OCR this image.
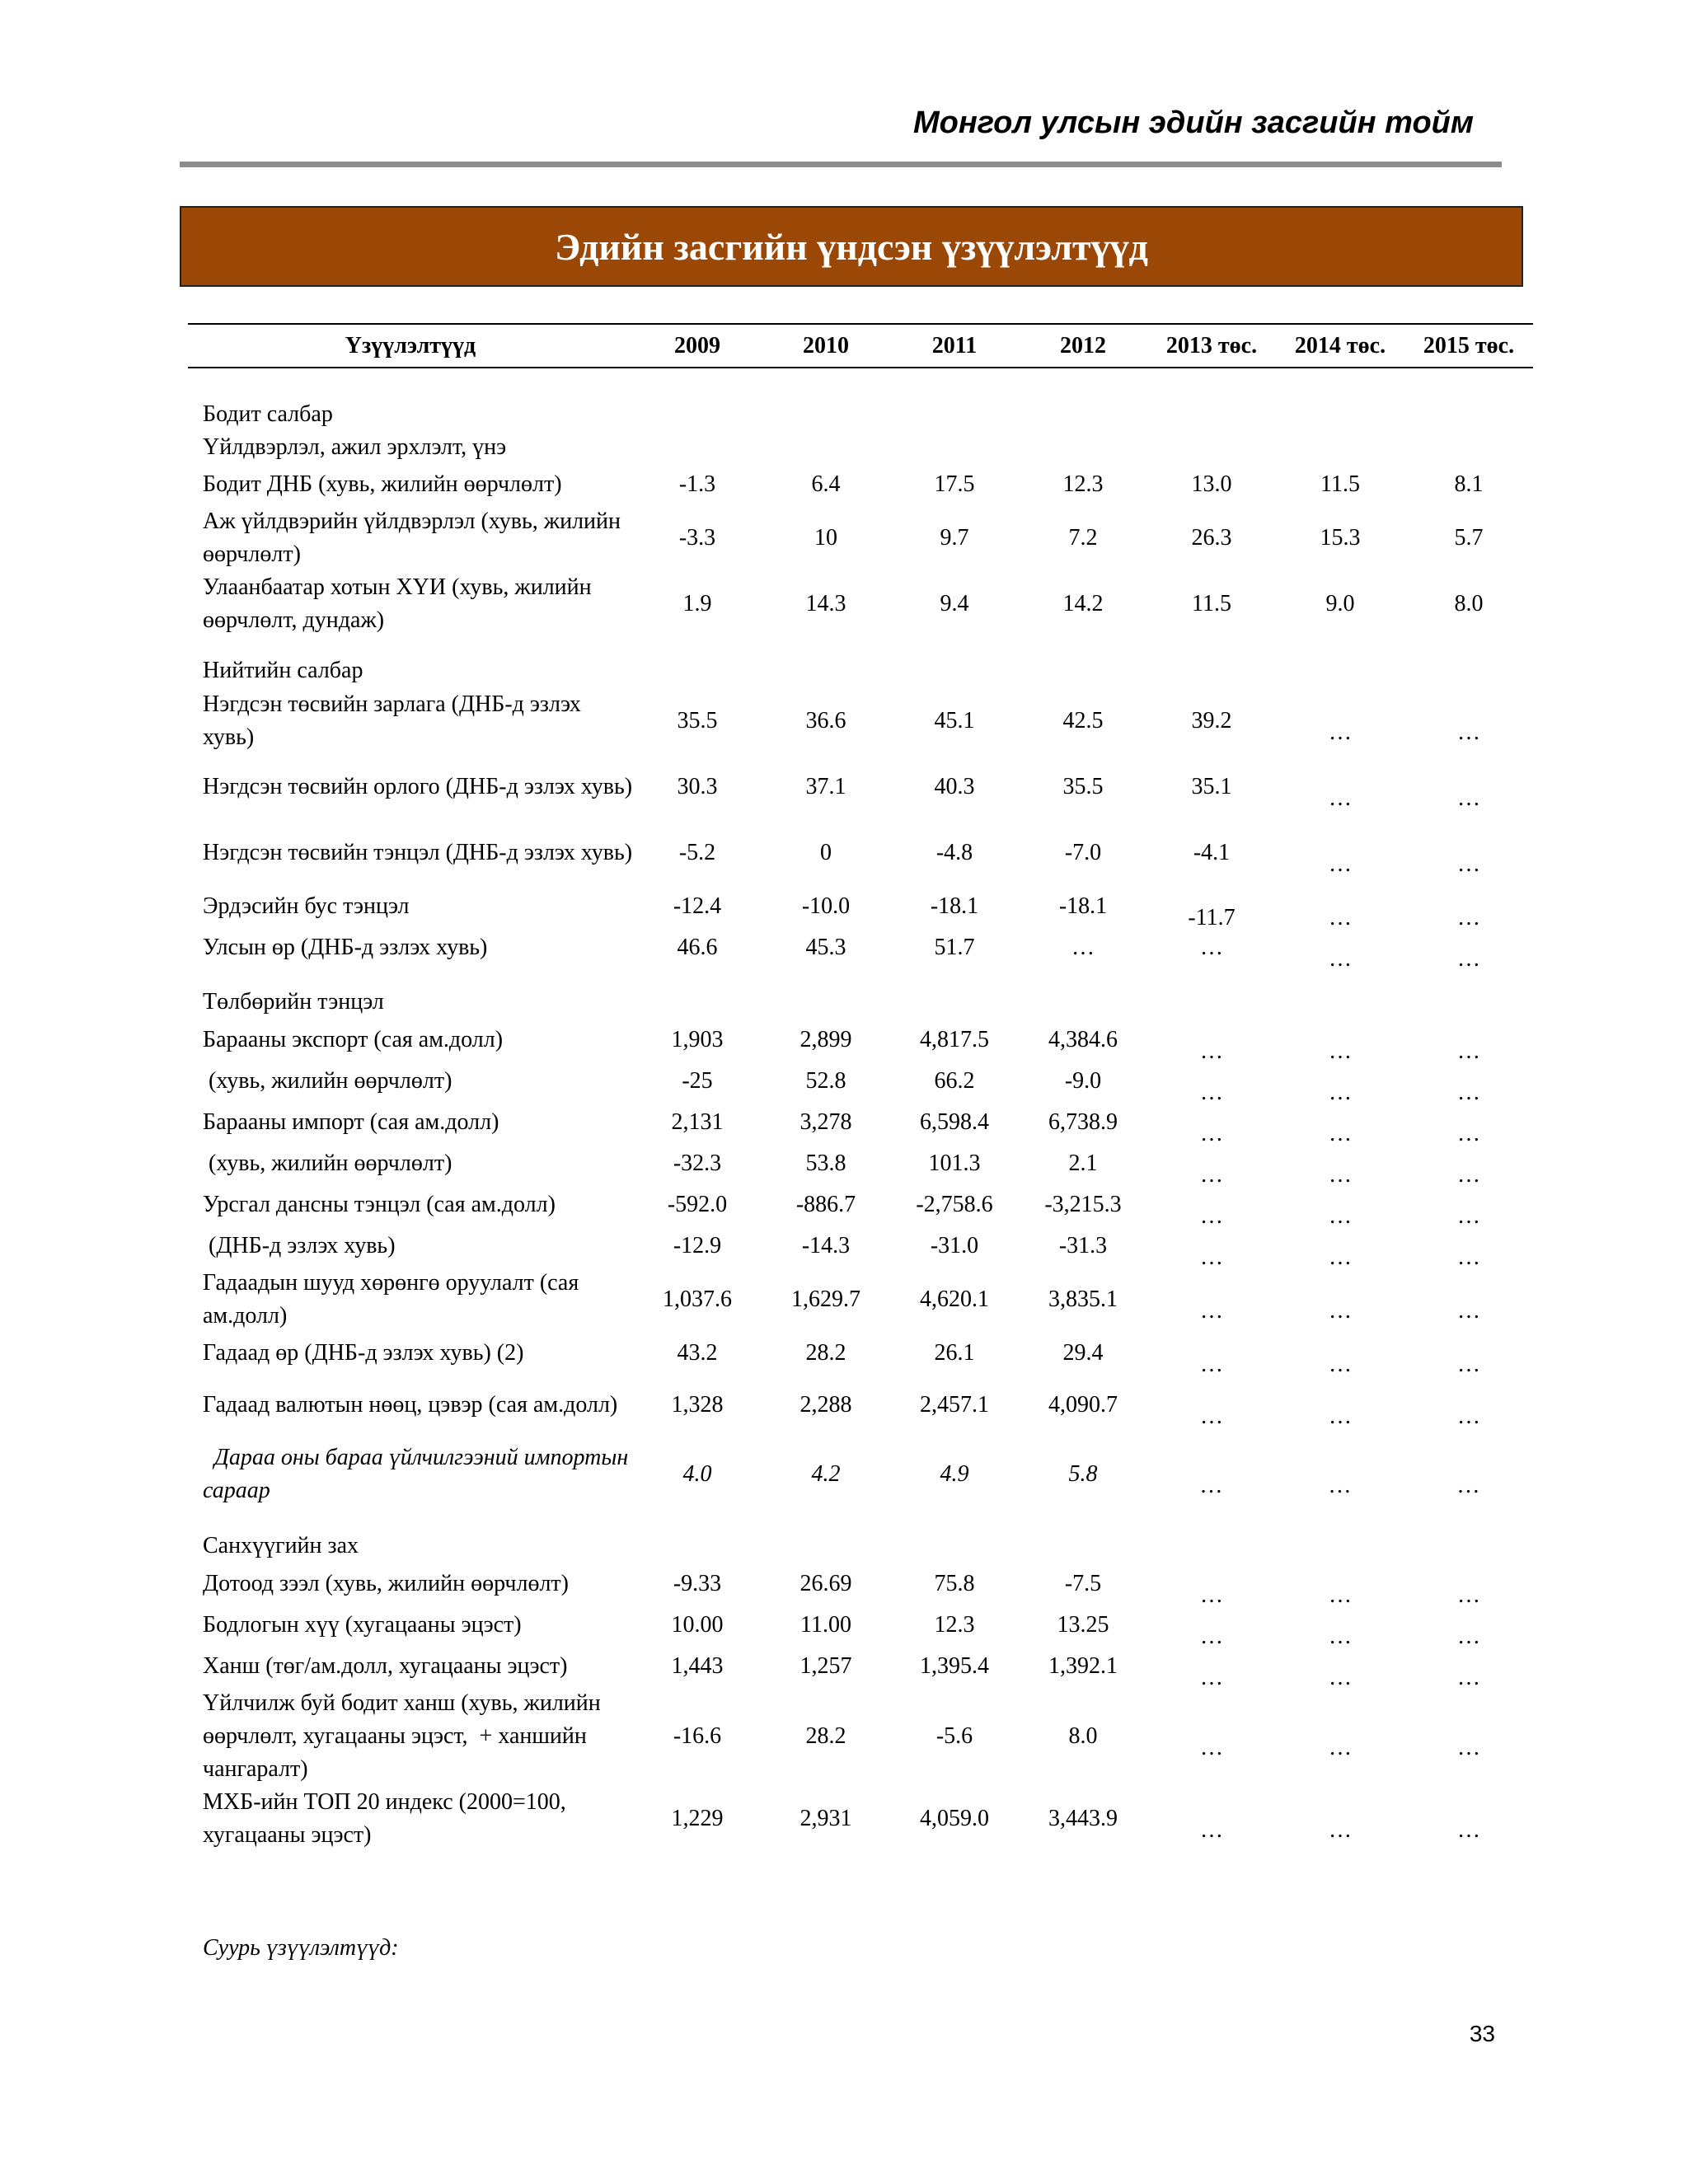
Монгол улсын эдийн засгийн тойм

Эдийн засгийн үндсэн үзүүлэлтүүд
Үзүүлэлтүүд	2009	2010	2011	2012	2013 төс.	2014 төс.	2015 төс.
Бодит салбар							
Үйлдвэрлэл, ажил эрхлэлт, үнэ							
Бодит ДНБ (хувь, жилийн өөрчлөлт)	-1.3	6.4	17.5	12.3	13.0	11.5	8.1
Аж үйлдвэрийн үйлдвэрлэл (хувь, жилийн өөрчлөлт)	-3.3	10	9.7	7.2	26.3	15.3	5.7
Улаанбаатар хотын ХҮИ (хувь, жилийн өөрчлөлт, дундаж)	1.9	14.3	9.4	14.2	11.5	9.0	8.0

Нийтийн салбар							
Нэгдсэн төсвийн зарлага (ДНБ-д эзлэх хувь)	35.5	36.6	45.1	42.5	39.2	…	…
Нэгдсэн төсвийн орлого (ДНБ-д эзлэх хувь)	30.3	37.1	40.3	35.5	35.1	…	…
Нэгдсэн төсвийн тэнцэл (ДНБ-д эзлэх хувь)	-5.2	0	-4.8	-7.0	-4.1	…	…
Эрдэсийн бус тэнцэл	-12.4	-10.0	-18.1	-18.1	-11.7	…	…
Улсын өр (ДНБ-д эзлэх хувь)	46.6	45.3	51.7	…	…	…	…

Төлбөрийн тэнцэл							
Барааны экспорт (сая ам.долл)	1,903	2,899	4,817.5	4,384.6	…	…	…
(хувь, жилийн өөрчлөлт)	-25	52.8	66.2	-9.0	…	…	…
Барааны импорт (сая ам.долл)	2,131	3,278	6,598.4	6,738.9	…	…	…
(хувь, жилийн өөрчлөлт)	-32.3	53.8	101.3	2.1	…	…	…
Урсгал дансны тэнцэл (сая ам.долл)	-592.0	-886.7	-2,758.6	-3,215.3	…	…	…
(ДНБ-д эзлэх хувь)	-12.9	-14.3	-31.0	-31.3	…	…	…
Гадаадын шууд хөрөнгө оруулалт (сая ам.долл)	1,037.6	1,629.7	4,620.1	3,835.1	…	…	…
Гадаад өр (ДНБ-д эзлэх хувь) (2)	43.2	28.2	26.1	29.4	…	…	…
Гадаад валютын нөөц, цэвэр (сая ам.долл)	1,328	2,288	2,457.1	4,090.7	…	…	…
Дараа оны бараа үйлчилгээний импортын сараар	4.0	4.2	4.9	5.8	…	…	…

Санхүүгийн зах							
Дотоод зээл (хувь, жилийн өөрчлөлт)	-9.33	26.69	75.8	-7.5	…	…	…
Бодлогын хүү (хугацааны эцэст)	10.00	11.00	12.3	13.25	…	…	…
Ханш (төг/ам.долл, хугацааны эцэст)	1,443	1,257	1,395.4	1,392.1	…	…	…
Үйлчилж буй бодит ханш (хувь, жилийн өөрчлөлт, хугацааны эцэст,  + ханшийн чангаралт)	-16.6	28.2	-5.6	8.0	…	…	…
МХБ-ийн ТОП 20 индекс (2000=100, хугацааны эцэст)	1,229	2,931	4,059.0	3,443.9	…	…	…

Суурь үзүүлэлтүүд:

33
